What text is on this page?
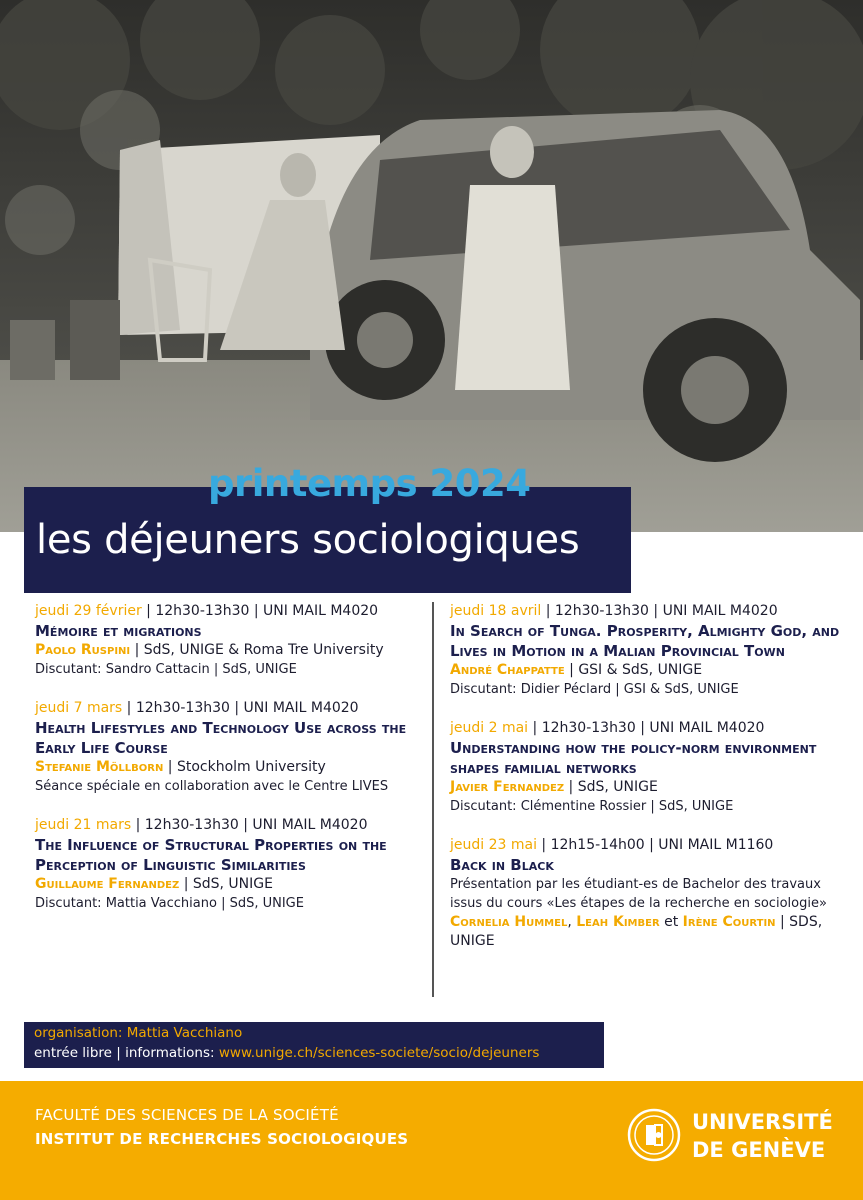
printemps 2024
les déjeuners sociologiques
jeudi 29 février | 12h30-13h30 | UNI MAIL M4020
Mémoire et migrations
Paolo Ruspini | SdS, UNIGE & Roma Tre University
Discutant: Sandro Cattacin | SdS, UNIGE
jeudi 7 mars | 12h30-13h30 | UNI MAIL M4020
Health Lifestyles and Technology Use across the Early Life Course
Stefanie Möllborn | Stockholm University
Séance spéciale en collaboration avec le Centre LIVES
jeudi 21 mars | 12h30-13h30 | UNI MAIL M4020
The Influence of Structural Properties on the Perception of Linguistic Similarities
Guillaume Fernandez | SdS, UNIGE
Discutant: Mattia Vacchiano | SdS, UNIGE
jeudi 18 avril | 12h30-13h30 | UNI MAIL M4020
In Search of Tunga. Prosperity, Almighty God, and Lives in Motion in a Malian Provincial Town
André Chappatte | GSI & SdS, UNIGE
Discutant: Didier Péclard | GSI & SdS, UNIGE
jeudi 2 mai | 12h30-13h30 | UNI MAIL M4020
Understanding how the policy-norm environment shapes familial networks
Javier Fernandez | SdS, UNIGE
Discutant: Clémentine Rossier | SdS, UNIGE
jeudi 23 mai | 12h15-14h00 | UNI MAIL M1160
Back in Black
Présentation par les étudiant-es de Bachelor des travaux issus du cours «Les étapes de la recherche en sociologie»
Cornelia Hummel, Leah Kimber et Irène Courtin | SDS, UNIGE
organisation: Mattia Vacchiano
entrée libre | informations: www.unige.ch/sciences-societe/socio/dejeuners
FACULTÉ DES SCIENCES DE LA SOCIÉTÉ
INSTITUT DE RECHERCHES SOCIOLOGIQUES
UNIVERSITÉ
DE GENÈVE
